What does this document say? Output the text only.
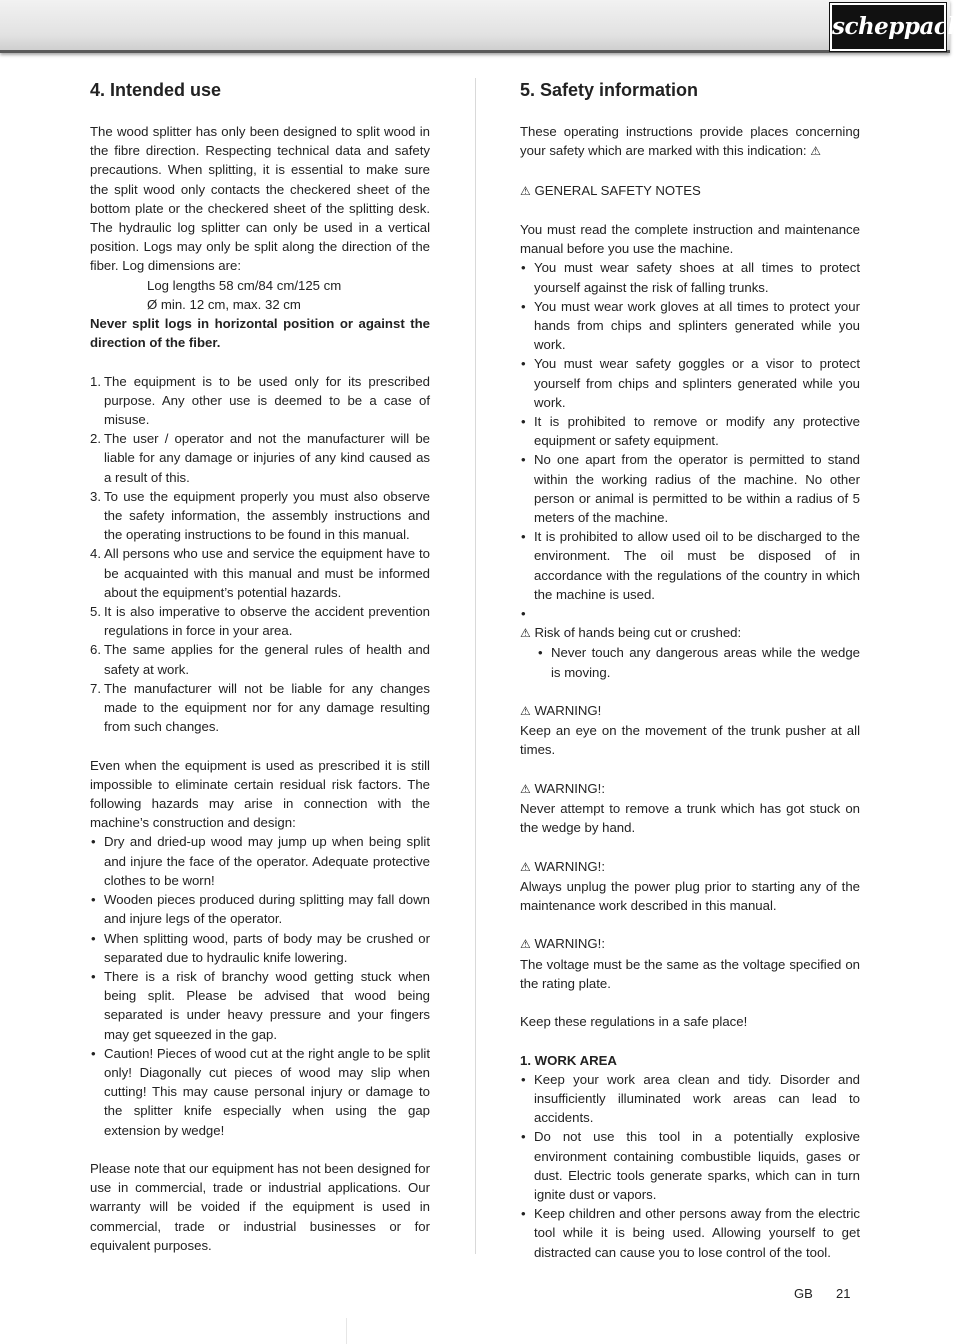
scheppach
4. Intended use

The wood splitter has only been designed to split wood in the fibre direction. Respecting technical data and safety precautions. When splitting, it is essential to make sure the split wood only contacts the checkered sheet of the bottom plate or the checkered sheet of the splitting desk. The hydraulic log splitter can only be used in a vertical position. Logs may only be split along the direction of the fiber. Log dimensions are:

Log lengths 58 cm/84 cm/125 cm

Ø min. 12 cm, max. 32 cm

Never split logs in horizontal position or against the direction of the fiber.

1. The equipment is to be used only for its prescribed purpose. Any other use is deemed to be a case of misuse.
2. The user / operator and not the manufacturer will be liable for any damage or injuries of any kind caused as a result of this.
3. To use the equipment properly you must also observe the safety information, the assembly instructions and the operating instructions to be found in this manual.
4. All persons who use and service the equipment have to be acquainted with this manual and must be informed about the equipment’s potential hazards.
5. It is also imperative to observe the accident prevention regulations in force in your area.
6. The same applies for the general rules of health and safety at work.
7. The manufacturer will not be liable for any changes made to the equipment nor for any damage resulting from such changes.

Even when the equipment is used as prescribed it is still impossible to eliminate certain residual risk factors. The following hazards may arise in connection with the machine’s construction and design:

• Dry and dried-up wood may jump up when being split and injure the face of the operator. Adequate protective clothes to be worn!
• Wooden pieces produced during splitting may fall down and injure legs of the operator.
• When splitting wood, parts of body may be crushed or separated due to hydraulic knife lowering.
• There is a risk of branchy wood getting stuck when being split. Please be advised that wood being separated is under heavy pressure and your fingers may get squeezed in the gap.
• Caution! Pieces of wood cut at the right angle to be split only! Diagonally cut pieces of wood may slip when cutting! This may cause personal injury or damage to the splitter knife especially when using the gap extension by wedge!

Please note that our equipment has not been designed for use in commercial, trade or industrial applications. Our warranty will be voided if the equipment is used in commercial, trade or industrial businesses or for equivalent purposes.

5. Safety information

These operating instructions provide places concerning your safety which are marked with this indication: ⚠

⚠ GENERAL SAFETY NOTES

You must read the complete instruction and maintenance manual before you use the machine.

• You must wear safety shoes at all times to protect yourself against the risk of falling trunks.
• You must wear work gloves at all times to protect your hands from chips and splinters generated while you work.
• You must wear safety goggles or a visor to protect yourself from chips and splinters generated while you work.
• It is prohibited to remove or modify any protective equipment or safety equipment.
• No one apart from the operator is permitted to stand within the working radius of the machine. No other person or animal is permitted to be within a radius of 5 meters of the machine.
• It is prohibited to allow used oil to be discharged to the environment. The oil must be disposed of in accordance with the regulations of the country in which the machine is used.
•

⚠ Risk of hands being cut or crushed:

• Never touch any dangerous areas while the wedge is moving.

⚠ WARNING!

Keep an eye on the movement of the trunk pusher at all times.

⚠ WARNING!:

Never attempt to remove a trunk which has got stuck on the wedge by hand.

⚠ WARNING!:

Always unplug the power plug prior to starting any of the maintenance work described in this manual.

⚠ WARNING!:

The voltage must be the same as the voltage specified on the rating plate.

Keep these regulations in a safe place!

1. WORK AREA

• Keep your work area clean and tidy. Disorder and insufficiently illuminated work areas can lead to accidents.
• Do not use this tool in a potentially explosive environment containing combustible liquids, gases or dust. Electric tools generate sparks, which can in turn ignite dust or vapors.
• Keep children and other persons away from the electric tool while it is being used. Allowing yourself to get distracted can cause you to lose control of the tool.
GB 21
